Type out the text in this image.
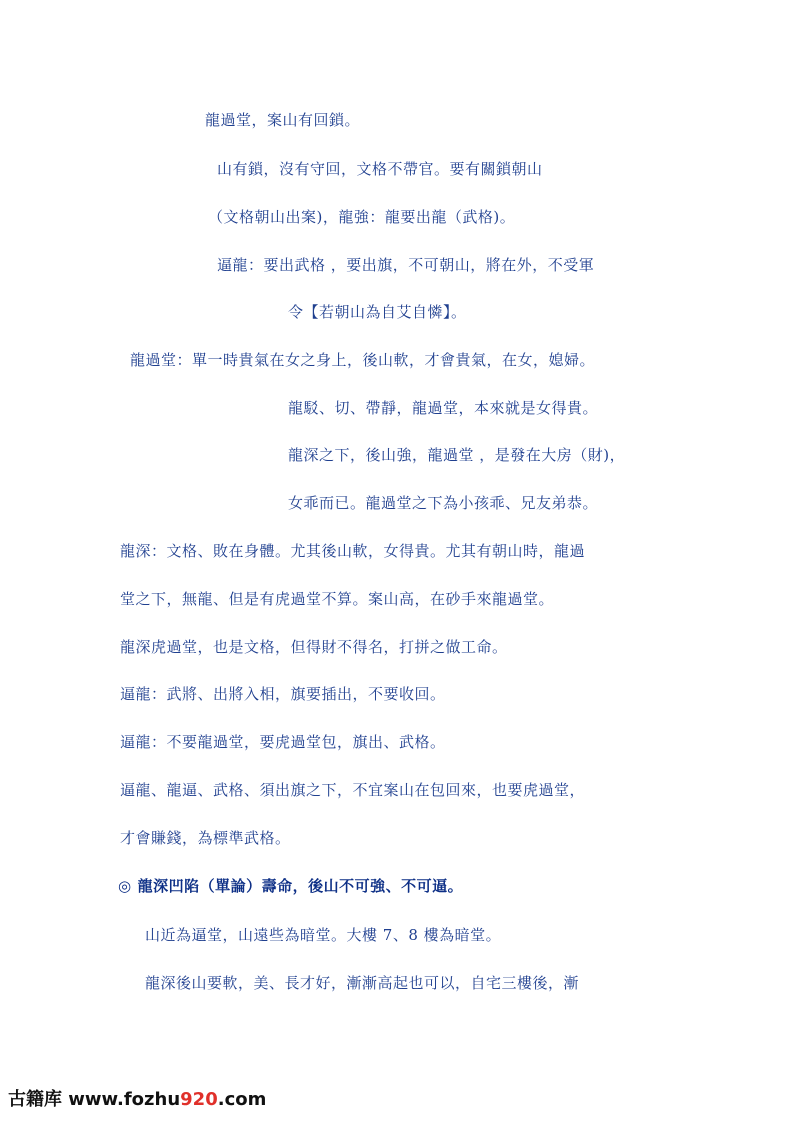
龍過堂，案山有回鎖。
山有鎖，沒有守回，文格不帶官。要有關鎖朝山
（文格朝山出案)，龍強：龍要出龍（武格)。
逼龍：要出武格 ，要出旗，不可朝山，將在外，不受軍
令【若朝山為自艾自憐】。
龍過堂：單一時貴氣在女之身上，後山軟，才會貴氣，在女，媳婦。
龍駁、切、帶靜，龍過堂，本來就是女得貴。
龍深之下，後山強，龍過堂 ，是發在大房（財)，
女乖而已。龍過堂之下為小孩乖、兄友弟恭。
龍深：文格、敗在身體。尤其後山軟，女得貴。尤其有朝山時，龍過
堂之下，無龍、但是有虎過堂不算。案山高，在砂手來龍過堂。
龍深虎過堂，也是文格，但得財不得名，打拼之做工命。
逼龍：武將、出將入相，旗要插出，不要收回。
逼龍：不要龍過堂，要虎過堂包，旗出、武格。
逼龍、龍逼、武格、須出旗之下，不宜案山在包回來，也要虎過堂，
才會賺錢，為標準武格。
◎ 龍深凹陷（單論）壽命，後山不可強、不可逼。
山近為逼堂，山遠些為暗堂。大樓 7、8 樓為暗堂。
龍深後山要軟，美、長才好，漸漸高起也可以，自宅三樓後，漸
古籍库 www.fozhu920.com
